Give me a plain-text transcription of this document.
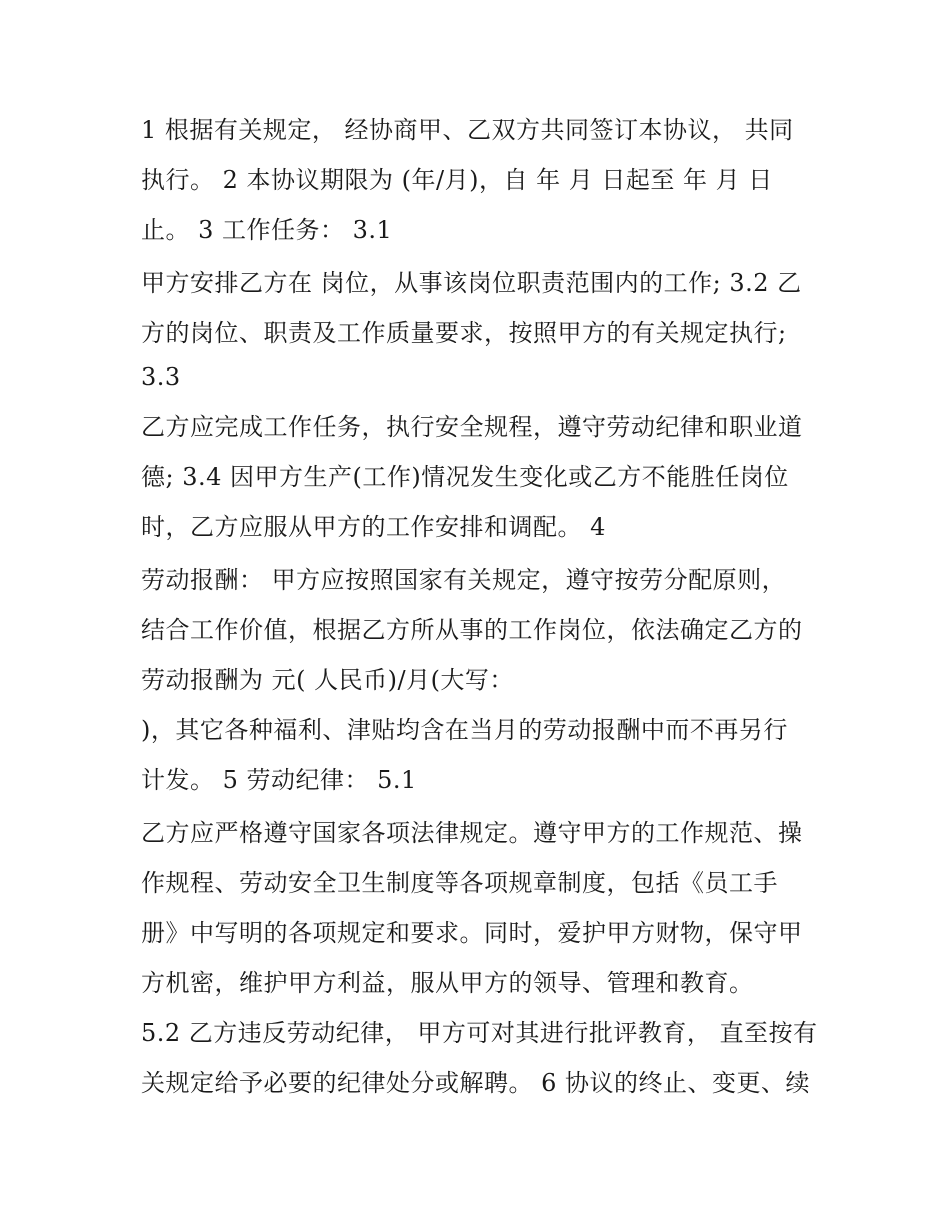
1 根据有关规定， 经协商甲、乙双方共同签订本协议， 共同
执行。 2 本协议期限为 (年/月)，自 年 月 日起至 年 月 日
止。 3 工作任务： 3.1
甲方安排乙方在 岗位，从事该岗位职责范围内的工作; 3.2 乙
方的岗位、职责及工作质量要求，按照甲方的有关规定执行;
3.3
乙方应完成工作任务，执行安全规程，遵守劳动纪律和职业道
德; 3.4 因甲方生产(工作)情况发生变化或乙方不能胜任岗位
时，乙方应服从甲方的工作安排和调配。 4
劳动报酬： 甲方应按照国家有关规定，遵守按劳分配原则，
结合工作价值，根据乙方所从事的工作岗位，依法确定乙方的
劳动报酬为 元( 人民币)/月(大写：
)，其它各种福利、津贴均含在当月的劳动报酬中而不再另行
计发。 5 劳动纪律： 5.1
乙方应严格遵守国家各项法律规定。遵守甲方的工作规范、操
作规程、劳动安全卫生制度等各项规章制度，包括《员工手
册》中写明的各项规定和要求。同时，爱护甲方财物，保守甲
方机密，维护甲方利益，服从甲方的领导、管理和教育。
5.2 乙方违反劳动纪律， 甲方可对其进行批评教育， 直至按有
关规定给予必要的纪律处分或解聘。 6 协议的终止、变更、续
